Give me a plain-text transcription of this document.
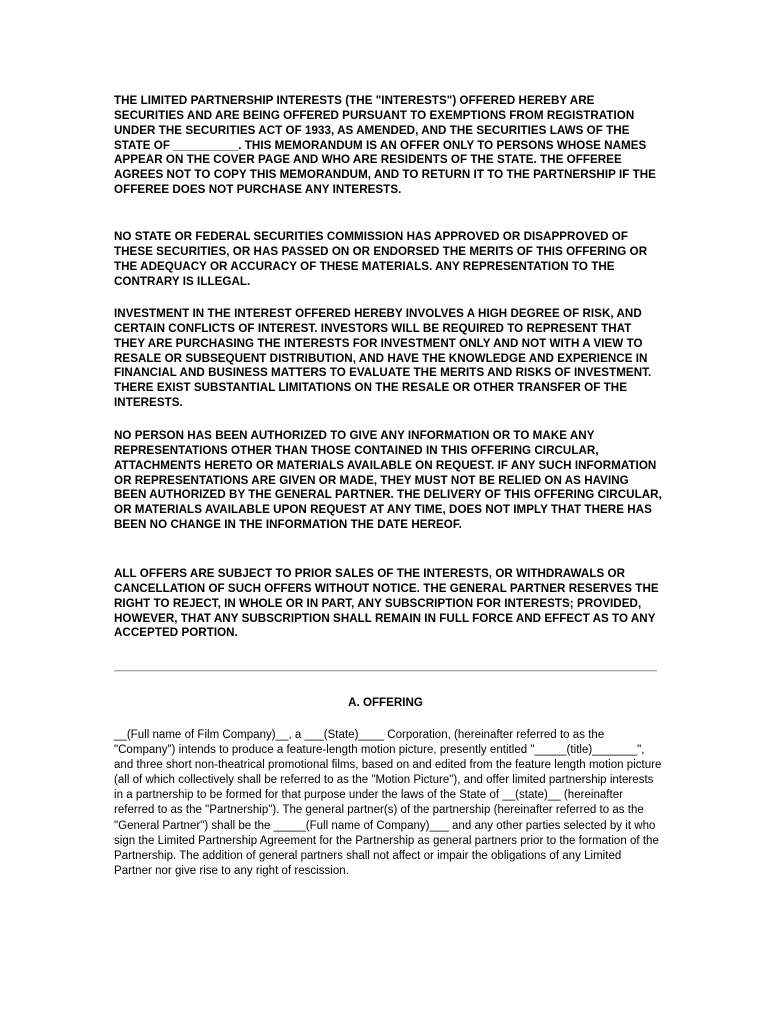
THE LIMITED PARTNERSHIP INTERESTS (THE "INTERESTS") OFFERED HEREBY ARE SECURITIES AND ARE BEING OFFERED PURSUANT TO EXEMPTIONS FROM REGISTRATION UNDER THE SECURITIES ACT OF 1933, AS AMENDED, AND THE SECURITIES LAWS OF THE STATE OF __________. THIS MEMORANDUM IS AN OFFER ONLY TO PERSONS WHOSE NAMES APPEAR ON THE COVER PAGE AND WHO ARE RESIDENTS OF THE STATE. THE OFFEREE AGREES NOT TO COPY THIS MEMORANDUM, AND TO RETURN IT TO THE PARTNERSHIP IF THE OFFEREE DOES NOT PURCHASE ANY INTERESTS.

NO STATE OR FEDERAL SECURITIES COMMISSION HAS APPROVED OR DISAPPROVED OF THESE SECURITIES, OR HAS PASSED ON OR ENDORSED THE MERITS OF THIS OFFERING OR THE ADEQUACY OR ACCURACY OF THESE MATERIALS. ANY REPRESENTATION TO THE CONTRARY IS ILLEGAL.

INVESTMENT IN THE INTEREST OFFERED HEREBY INVOLVES A HIGH DEGREE OF RISK, AND CERTAIN CONFLICTS OF INTEREST. INVESTORS WILL BE REQUIRED TO REPRESENT THAT THEY ARE PURCHASING THE INTERESTS FOR INVESTMENT ONLY AND NOT WITH A VIEW TO RESALE OR SUBSEQUENT DISTRIBUTION, AND HAVE THE KNOWLEDGE AND EXPERIENCE IN FINANCIAL AND BUSINESS MATTERS TO EVALUATE THE MERITS AND RISKS OF INVESTMENT. THERE EXIST SUBSTANTIAL LIMITATIONS ON THE RESALE OR OTHER TRANSFER OF THE INTERESTS.

NO PERSON HAS BEEN AUTHORIZED TO GIVE ANY INFORMATION OR TO MAKE ANY REPRESENTATIONS OTHER THAN THOSE CONTAINED IN THIS OFFERING CIRCULAR, ATTACHMENTS HERETO OR MATERIALS AVAILABLE ON REQUEST. IF ANY SUCH INFORMATION OR REPRESENTATIONS ARE GIVEN OR MADE, THEY MUST NOT BE RELIED ON AS HAVING BEEN AUTHORIZED BY THE GENERAL PARTNER. THE DELIVERY OF THIS OFFERING CIRCULAR, OR MATERIALS AVAILABLE UPON REQUEST AT ANY TIME, DOES NOT IMPLY THAT THERE HAS BEEN NO CHANGE IN THE INFORMATION THE DATE HEREOF.

ALL OFFERS ARE SUBJECT TO PRIOR SALES OF THE INTERESTS, OR WITHDRAWALS OR CANCELLATION OF SUCH OFFERS WITHOUT NOTICE. THE GENERAL PARTNER RESERVES THE RIGHT TO REJECT, IN WHOLE OR IN PART, ANY SUBSCRIPTION FOR INTERESTS; PROVIDED, HOWEVER, THAT ANY SUBSCRIPTION SHALL REMAIN IN FULL FORCE AND EFFECT AS TO ANY ACCEPTED PORTION.

A. OFFERING

__(Full name of Film Company)__, a ___(State)____ Corporation, (hereinafter referred to as the "Company") intends to produce a feature-length motion picture, presently entitled "_____(title)_______", and three short non-theatrical promotional films, based on and edited from the feature length motion picture (all of which collectively shall be referred to as the "Motion Picture"), and offer limited partnership interests in a partnership to be formed for that purpose under the laws of the State of __(state)__ (hereinafter referred to as the "Partnership"). The general partner(s) of the partnership (hereinafter referred to as the "General Partner") shall be the _____(Full name of Company)___ and any other parties selected by it who sign the Limited Partnership Agreement for the Partnership as general partners prior to the formation of the Partnership. The addition of general partners shall not affect or impair the obligations of any Limited Partner nor give rise to any right of rescission.
